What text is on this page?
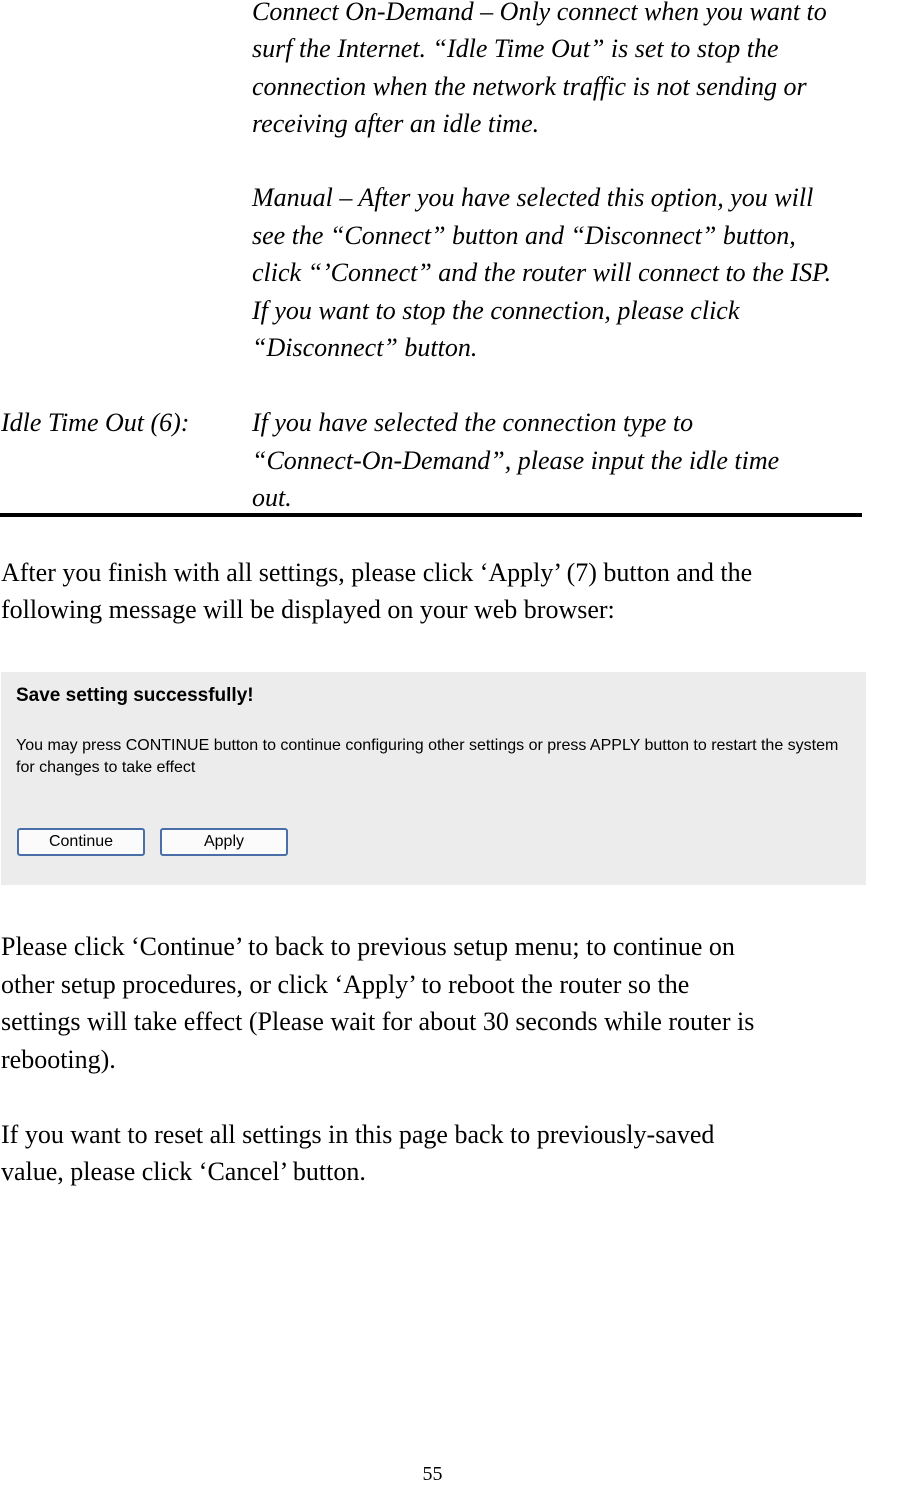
Connect On-Demand – Only connect when you want to
surf the Internet. “Idle Time Out” is set to stop the
connection when the network traffic is not sending or
receiving after an idle time.
Manual – After you have selected this option, you will
see the “Connect” button and “Disconnect” button,
click “’Connect” and the router will connect to the ISP.
If you want to stop the connection, please click
“Disconnect” button.
Idle Time Out (6): If you have selected the connection type to
“Connect-On-Demand”, please input the idle time
out.
After you finish with all settings, please click ‘Apply’ (7) button and the
following message will be displayed on your web browser:
Save setting successfully!
You may press CONTINUE button to continue configuring other settings or press APPLY button to restart the system for changes to take effect
Continue	Apply
Please click ‘Continue’ to back to previous setup menu; to continue on
other setup procedures, or click ‘Apply’ to reboot the router so the
settings will take effect (Please wait for about 30 seconds while router is
rebooting).
If you want to reset all settings in this page back to previously-saved
value, please click ‘Cancel’ button.
55
